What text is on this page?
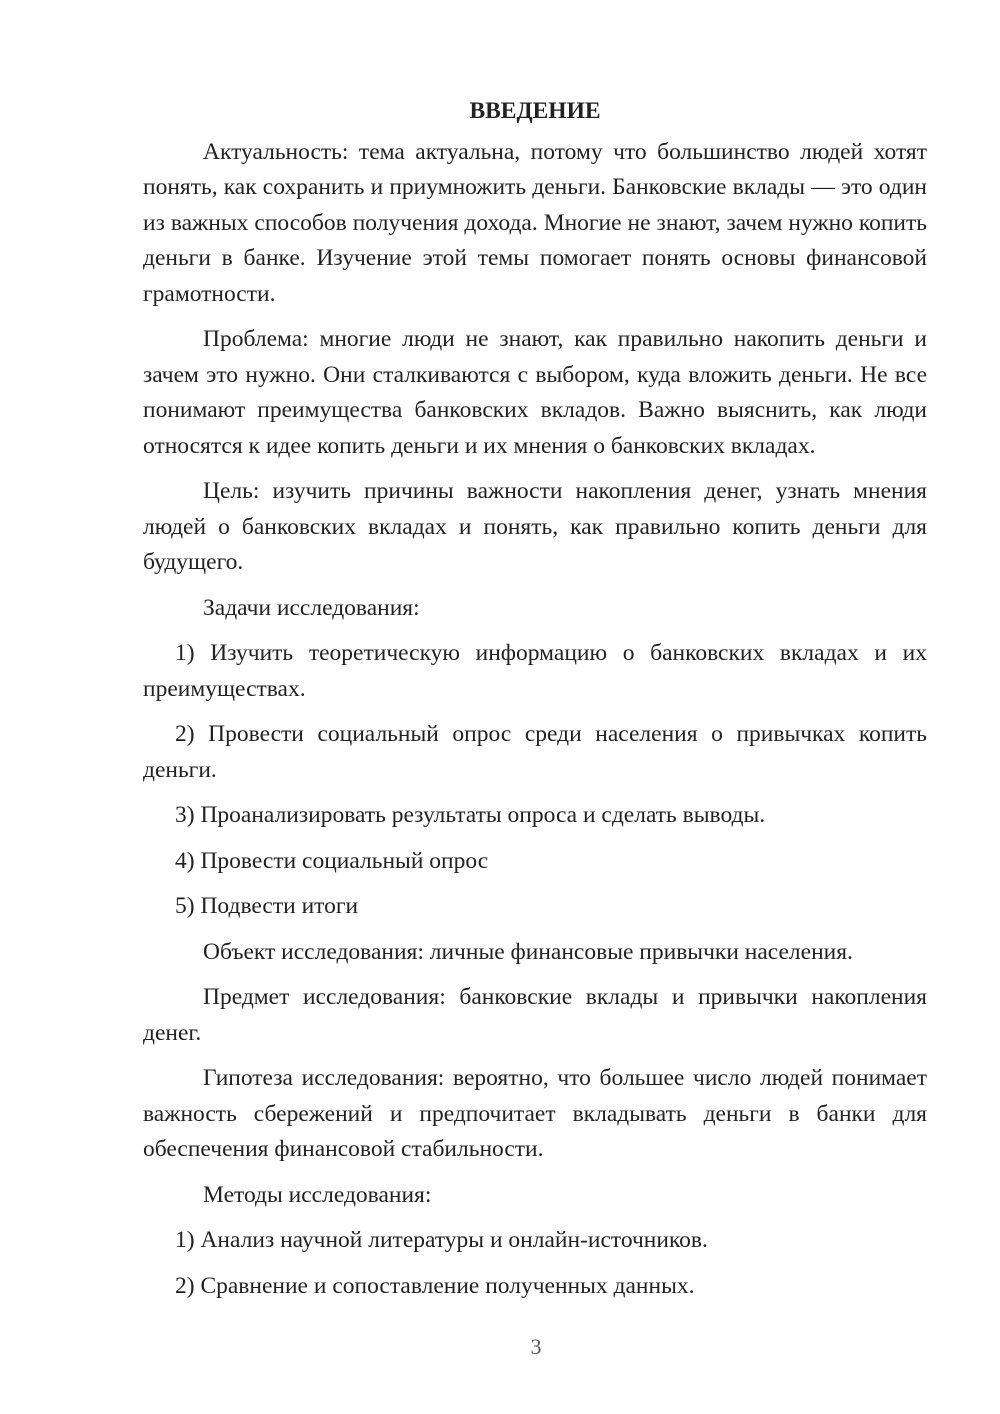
ВВЕДЕНИЕ

Актуальность: тема актуальна, потому что большинство людей хотят понять, как сохранить и приумножить деньги. Банковские вклады — это один из важных способов получения дохода. Многие не знают, зачем нужно копить деньги в банке. Изучение этой темы помогает понять основы финансовой грамотности.

Проблема: многие люди не знают, как правильно накопить деньги и зачем это нужно. Они сталкиваются с выбором, куда вложить деньги. Не все понимают преимущества банковских вкладов. Важно выяснить, как люди относятся к идее копить деньги и их мнения о банковских вкладах.

Цель: изучить причины важности накопления денег, узнать мнения людей о банковских вкладах и понять, как правильно копить деньги для будущего.

Задачи исследования:

1) Изучить теоретическую информацию о банковских вкладах и их преимуществах.

2) Провести социальный опрос среди населения о привычках копить деньги.

3) Проанализировать результаты опроса и сделать выводы.

4) Провести социальный опрос

5) Подвести итоги

Объект исследования: личные финансовые привычки населения.

Предмет исследования: банковские вклады и привычки накопления денег.

Гипотеза исследования: вероятно, что большее число людей понимает важность сбережений и предпочитает вкладывать деньги в банки для обеспечения финансовой стабильности.

Методы исследования:

1) Анализ научной литературы и онлайн-источников.

2) Сравнение и сопоставление полученных данных.

3
